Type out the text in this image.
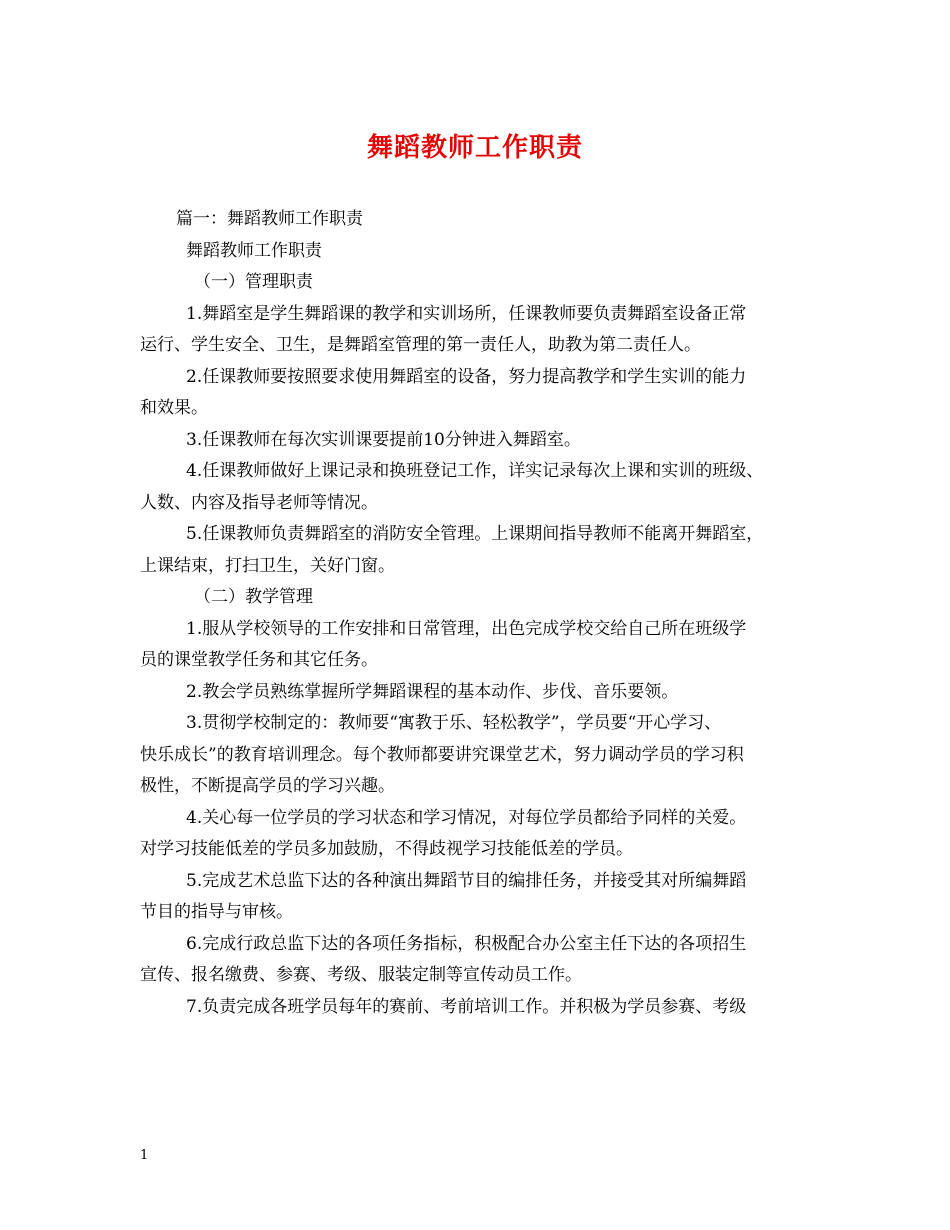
舞蹈教师工作职责
篇一：舞蹈教师工作职责
舞蹈教师工作职责
（一）管理职责
1.舞蹈室是学生舞蹈课的教学和实训场所，任课教师要负责舞蹈室设备正常
运行、学生安全、卫生，是舞蹈室管理的第一责任人，助教为第二责任人。
2.任课教师要按照要求使用舞蹈室的设备，努力提高教学和学生实训的能力
和效果。
3.任课教师在每次实训课要提前10分钟进入舞蹈室。
4.任课教师做好上课记录和换班登记工作，详实记录每次上课和实训的班级、
人数、内容及指导老师等情况。
5.任课教师负责舞蹈室的消防安全管理。上课期间指导教师不能离开舞蹈室，
上课结束，打扫卫生，关好门窗。
（二）教学管理
1.服从学校领导的工作安排和日常管理，出色完成学校交给自己所在班级学
员的课堂教学任务和其它任务。
2.教会学员熟练掌握所学舞蹈课程的基本动作、步伐、音乐要领。
3.贯彻学校制定的：教师要“寓教于乐、轻松教学”，学员要“开心学习、
快乐成长”的教育培训理念。每个教师都要讲究课堂艺术，努力调动学员的学习积
极性，不断提高学员的学习兴趣。
4.关心每一位学员的学习状态和学习情况，对每位学员都给予同样的关爱。
对学习技能低差的学员多加鼓励，不得歧视学习技能低差的学员。
5.完成艺术总监下达的各种演出舞蹈节目的编排任务，并接受其对所编舞蹈
节目的指导与审核。
6.完成行政总监下达的各项任务指标，积极配合办公室主任下达的各项招生
宣传、报名缴费、参赛、考级、服装定制等宣传动员工作。
7.负责完成各班学员每年的赛前、考前培训工作。并积极为学员参赛、考级
1
